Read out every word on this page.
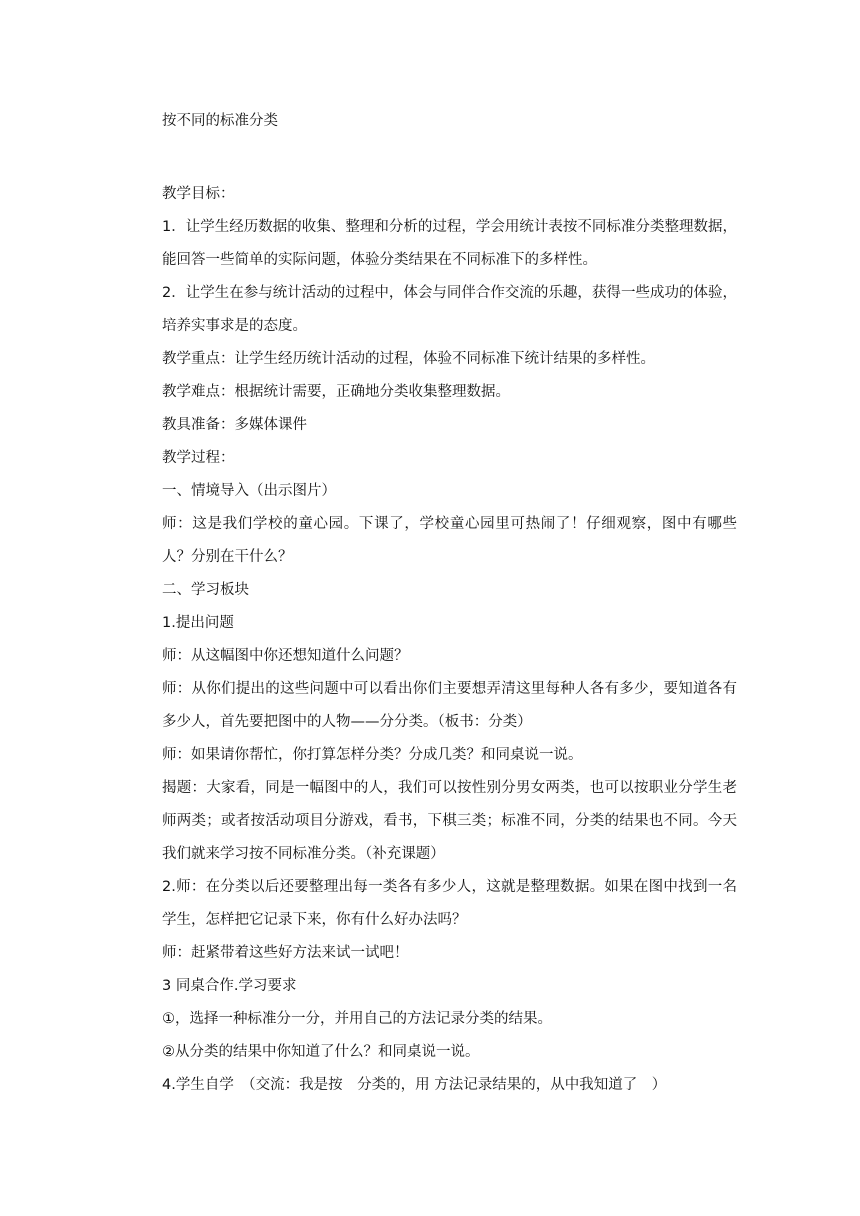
按不同的标准分类

教学目标：

1．让学生经历数据的收集、整理和分析的过程，学会用统计表按不同标准分类整理数据，能回答一些简单的实际问题，体验分类结果在不同标准下的多样性。

2．让学生在参与统计活动的过程中，体会与同伴合作交流的乐趣，获得一些成功的体验，培养实事求是的态度。

教学重点：让学生经历统计活动的过程，体验不同标准下统计结果的多样性。

教学难点：根据统计需要，正确地分类收集整理数据。

教具准备：多媒体课件

教学过程：

一、情境导入（出示图片）

师：这是我们学校的童心园。下课了，学校童心园里可热闹了！仔细观察，图中有哪些人？分别在干什么？

二、学习板块

1.提出问题

师：从这幅图中你还想知道什么问题？

师：从你们提出的这些问题中可以看出你们主要想弄清这里每种人各有多少，要知道各有多少人，首先要把图中的人物——分分类。（板书：分类）

师：如果请你帮忙，你打算怎样分类？分成几类？和同桌说一说。

揭题：大家看，同是一幅图中的人，我们可以按性别分男女两类，也可以按职业分学生老师两类；或者按活动项目分游戏，看书，下棋三类；标准不同，分类的结果也不同。今天我们就来学习按不同标准分类。（补充课题）

2.师：在分类以后还要整理出每一类各有多少人，这就是整理数据。如果在图中找到一名学生，怎样把它记录下来，你有什么好办法吗？

师：赶紧带着这些好方法来试一试吧！

3 同桌合作.学习要求

①，选择一种标准分一分，并用自己的方法记录分类的结果。

②从分类的结果中你知道了什么？和同桌说一说。

4.学生自学　（交流：我是按　分类的，用 方法记录结果的，从中我知道了　）
